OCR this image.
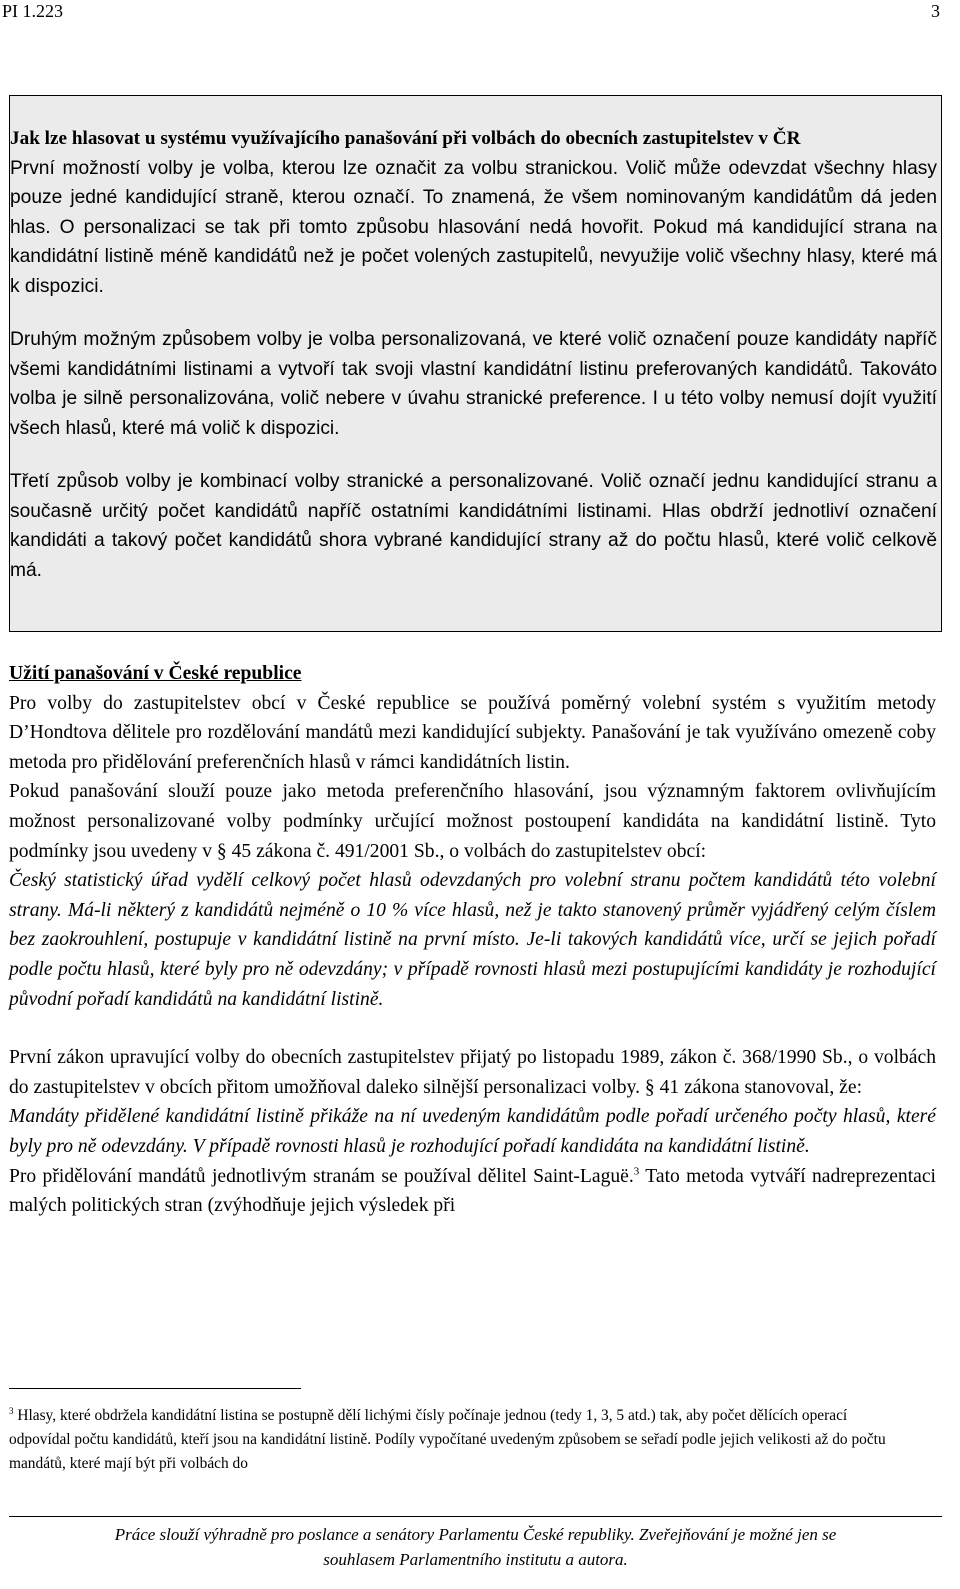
PI 1.223	3

Jak lze hlasovat u systému využívajícího panašování při volbách do obecních zastupitelstev v ČR

První možností volby je volba, kterou lze označit za volbu stranickou. Volič může odevzdat všechny hlasy pouze jedné kandidující straně, kterou označí. To znamená, že všem nominovaným kandidátům dá jeden hlas. O personalizaci se tak při tomto způsobu hlasování nedá hovořit. Pokud má kandidující strana na kandidátní listině méně kandidátů než je počet volených zastupitelů, nevyužije volič všechny hlasy, které má k dispozici.

Druhým možným způsobem volby je volba personalizovaná, ve které volič označení pouze kandidáty napříč všemi kandidátními listinami a vytvoří tak svoji vlastní kandidátní listinu preferovaných kandidátů. Takováto volba je silně personalizována, volič nebere v úvahu stranické preference. I u této volby nemusí dojít využití všech hlasů, které má volič k dispozici.

Třetí způsob volby je kombinací volby stranické a personalizované. Volič označí jednu kandidující stranu a současně určitý počet kandidátů napříč ostatními kandidátními listinami. Hlas obdrží jednotliví označení kandidáti a takový počet kandidátů shora vybrané kandidující strany až do počtu hlasů, které volič celkově má.

Užití panašování v České republice

Pro volby do zastupitelstev obcí v České republice se používá poměrný volební systém s využitím metody D’Hondtova dělitele pro rozdělování mandátů mezi kandidující subjekty. Panašování je tak využíváno omezeně coby metoda pro přidělování preferenčních hlasů v rámci kandidátních listin.

Pokud panašování slouží pouze jako metoda preferenčního hlasování, jsou významným faktorem ovlivňujícím možnost personalizované volby podmínky určující možnost postoupení kandidáta na kandidátní listině. Tyto podmínky jsou uvedeny v § 45 zákona č. 491/2001 Sb., o volbách do zastupitelstev obcí:

Český statistický úřad vydělí celkový počet hlasů odevzdaných pro volební stranu počtem kandidátů této volební strany. Má-li některý z kandidátů nejméně o 10 % více hlasů, než je takto stanovený průměr vyjádřený celým číslem bez zaokrouhlení, postupuje v kandidátní listině na první místo. Je-li takových kandidátů více, určí se jejich pořadí podle počtu hlasů, které byly pro ně odevzdány; v případě rovnosti hlasů mezi postupujícími kandidáty je rozhodující původní pořadí kandidátů na kandidátní listině.

První zákon upravující volby do obecních zastupitelstev přijatý po listopadu 1989, zákon č. 368/1990 Sb., o volbách do zastupitelstev v obcích přitom umožňoval daleko silnější personalizaci volby. § 41 zákona stanovoval, že:

Mandáty přidělené kandidátní listině přikáže na ní uvedeným kandidátům podle pořadí určeného počty hlasů, které byly pro ně odevzdány. V případě rovnosti hlasů je rozhodující pořadí kandidáta na kandidátní listině.

Pro přidělování mandátů jednotlivým stranám se používal dělitel Saint-Laguë.$^3$ Tato metoda vytváří nadreprezentaci malých politických stran (zvýhodňuje jejich výsledek při

$^3$ Hlasy, které obdržela kandidátní listina se postupně dělí lichými čísly počínaje jednou (tedy 1, 3, 5 atd.) tak, aby počet dělících operací odpovídal počtu kandidátů, kteří jsou na kandidátní listině. Podíly vypočítané uvedeným způsobem se seřadí podle jejich velikosti až do počtu mandátů, které mají být při volbách do

Práce slouží výhradně pro poslance a senátory Parlamentu České republiky. Zveřejňování je možné jen se

souhlasem Parlamentního institutu a autora.
